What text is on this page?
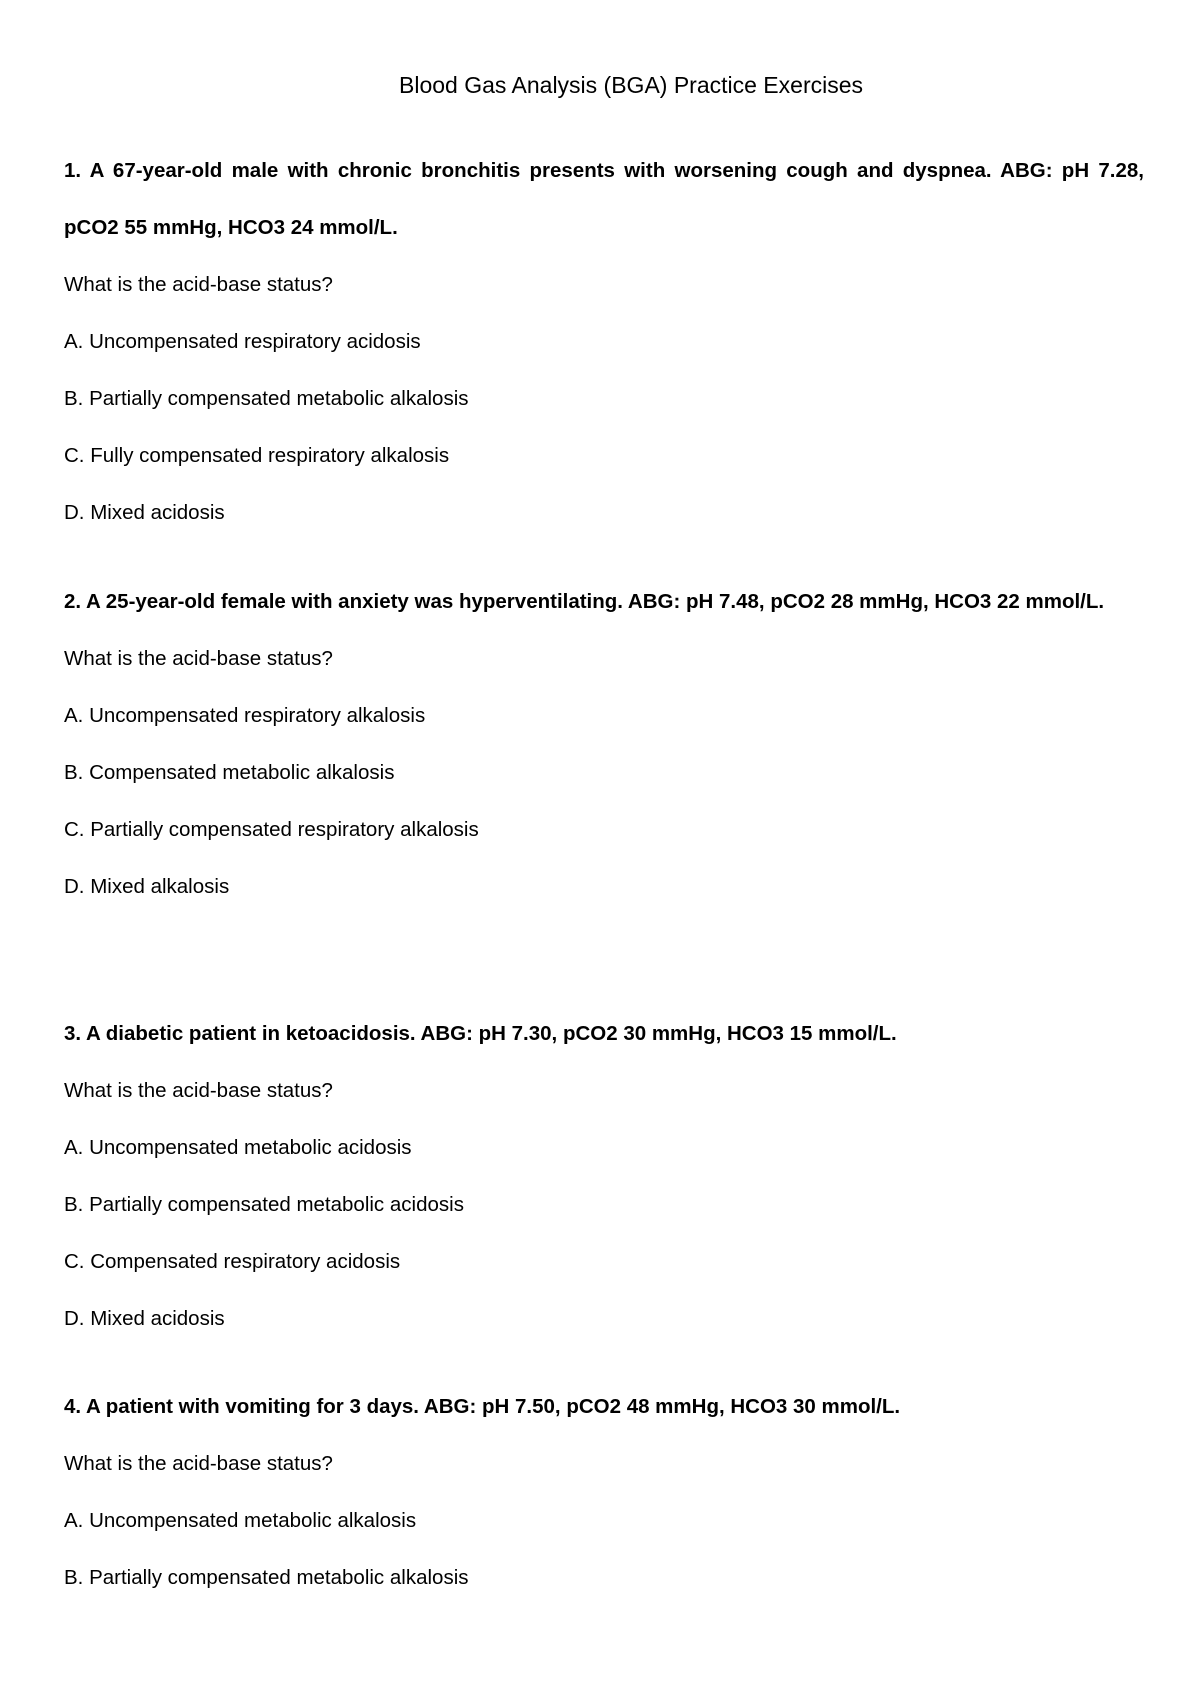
Blood Gas Analysis (BGA) Practice Exercises
1. A 67-year-old male with chronic bronchitis presents with worsening cough and dyspnea. ABG: pH 7.28, pCO2 55 mmHg, HCO3 24 mmol/L.
What is the acid-base status?
A. Uncompensated respiratory acidosis
B. Partially compensated metabolic alkalosis
C. Fully compensated respiratory alkalosis
D. Mixed acidosis
2. A 25-year-old female with anxiety was hyperventilating. ABG: pH 7.48, pCO2 28 mmHg, HCO3 22 mmol/L.
What is the acid-base status?
A. Uncompensated respiratory alkalosis
B. Compensated metabolic alkalosis
C. Partially compensated respiratory alkalosis
D. Mixed alkalosis
3. A diabetic patient in ketoacidosis. ABG: pH 7.30, pCO2 30 mmHg, HCO3 15 mmol/L.
What is the acid-base status?
A. Uncompensated metabolic acidosis
B. Partially compensated metabolic acidosis
C. Compensated respiratory acidosis
D. Mixed acidosis
4. A patient with vomiting for 3 days. ABG: pH 7.50, pCO2 48 mmHg, HCO3 30 mmol/L.
What is the acid-base status?
A. Uncompensated metabolic alkalosis
B. Partially compensated metabolic alkalosis
